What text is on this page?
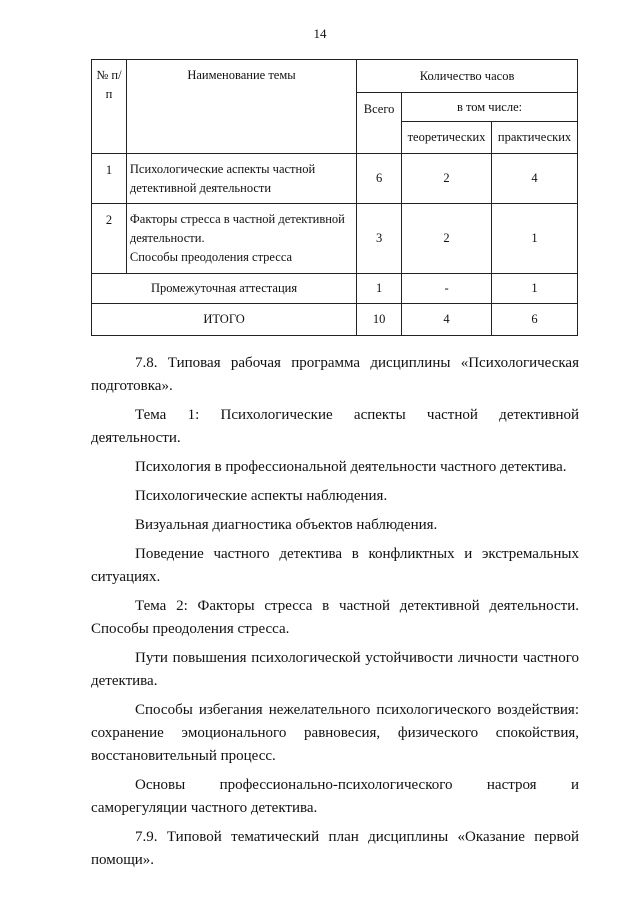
14
№ п/п	Наименование темы	Количество часов		
		Всего	в том числе:	
			теоретических	практических
1	Психологические аспекты частной детективной деятельности	6	2	4
2	Факторы стресса в частной детективной деятельности.
Способы преодоления стресса	3	2	1
Промежуточная аттестация		1	-	1
ИТОГО		10	4	6

7.8. Типовая рабочая программа дисциплины «Психологическая подготовка».

Тема 1: Психологические аспекты частной детективной деятельности.

Психология в профессиональной деятельности частного детектива.

Психологические аспекты наблюдения.

Визуальная диагностика объектов наблюдения.

Поведение частного детектива в конфликтных и экстремальных ситуациях.

Тема 2: Факторы стресса в частной детективной деятельности. Способы преодоления стресса.

Пути повышения психологической устойчивости личности частного детектива.

Способы избегания нежелательного психологического воздействия: сохранение эмоционального равновесия, физического спокойствия, восстановительный процесс.

Основы профессионально-психологического настроя и саморегуляции частного детектива.

7.9. Типовой тематический план дисциплины «Оказание первой помощи».
